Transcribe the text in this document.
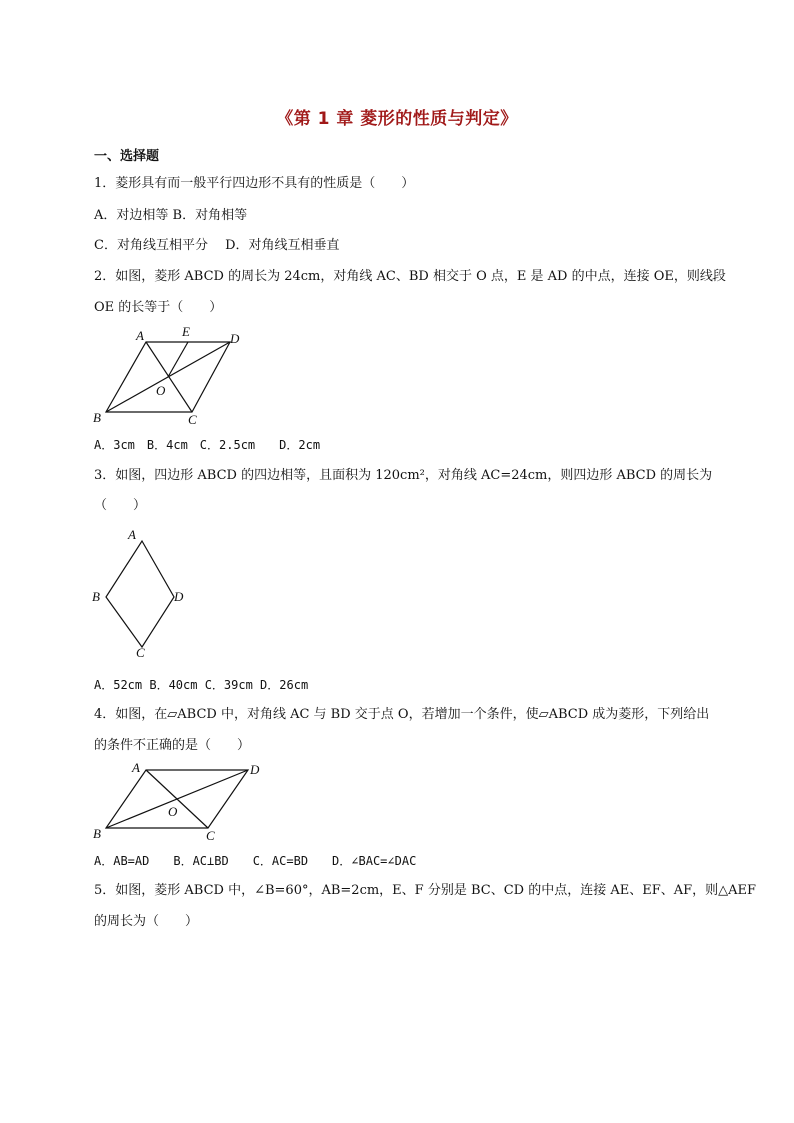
《第 1 章 菱形的性质与判定》
一、选择题
1．菱形具有而一般平行四边形不具有的性质是（　　）
A．对边相等 B．对角相等
C．对角线互相平分　 D．对角线互相垂直
2．如图，菱形 ABCD 的周长为 24cm，对角线 AC、BD 相交于 O 点，E 是 AD 的中点，连接 OE，则线段
OE 的长等于（　　）
A	E	D
O
B	C
A．3cm　B．4cm　C．2.5cm　　D．2cm
3．如图，四边形 ABCD 的四边相等，且面积为 120cm²，对角线 AC=24cm，则四边形 ABCD 的周长为
（　　）
A
B	D
C
A．52cm B．40cm C．39cm D．26cm
4．如图，在▱ABCD 中，对角线 AC 与 BD 交于点 O，若增加一个条件，使▱ABCD 成为菱形，下列给出
的条件不正确的是（　　）
A	D
O
B	C
A．AB=AD　　B．AC⊥BD　　C．AC=BD　　D．∠BAC=∠DAC
5．如图，菱形 ABCD 中，∠B=60°，AB=2cm，E、F 分别是 BC、CD 的中点，连接 AE、EF、AF，则△AEF
的周长为（　　）
